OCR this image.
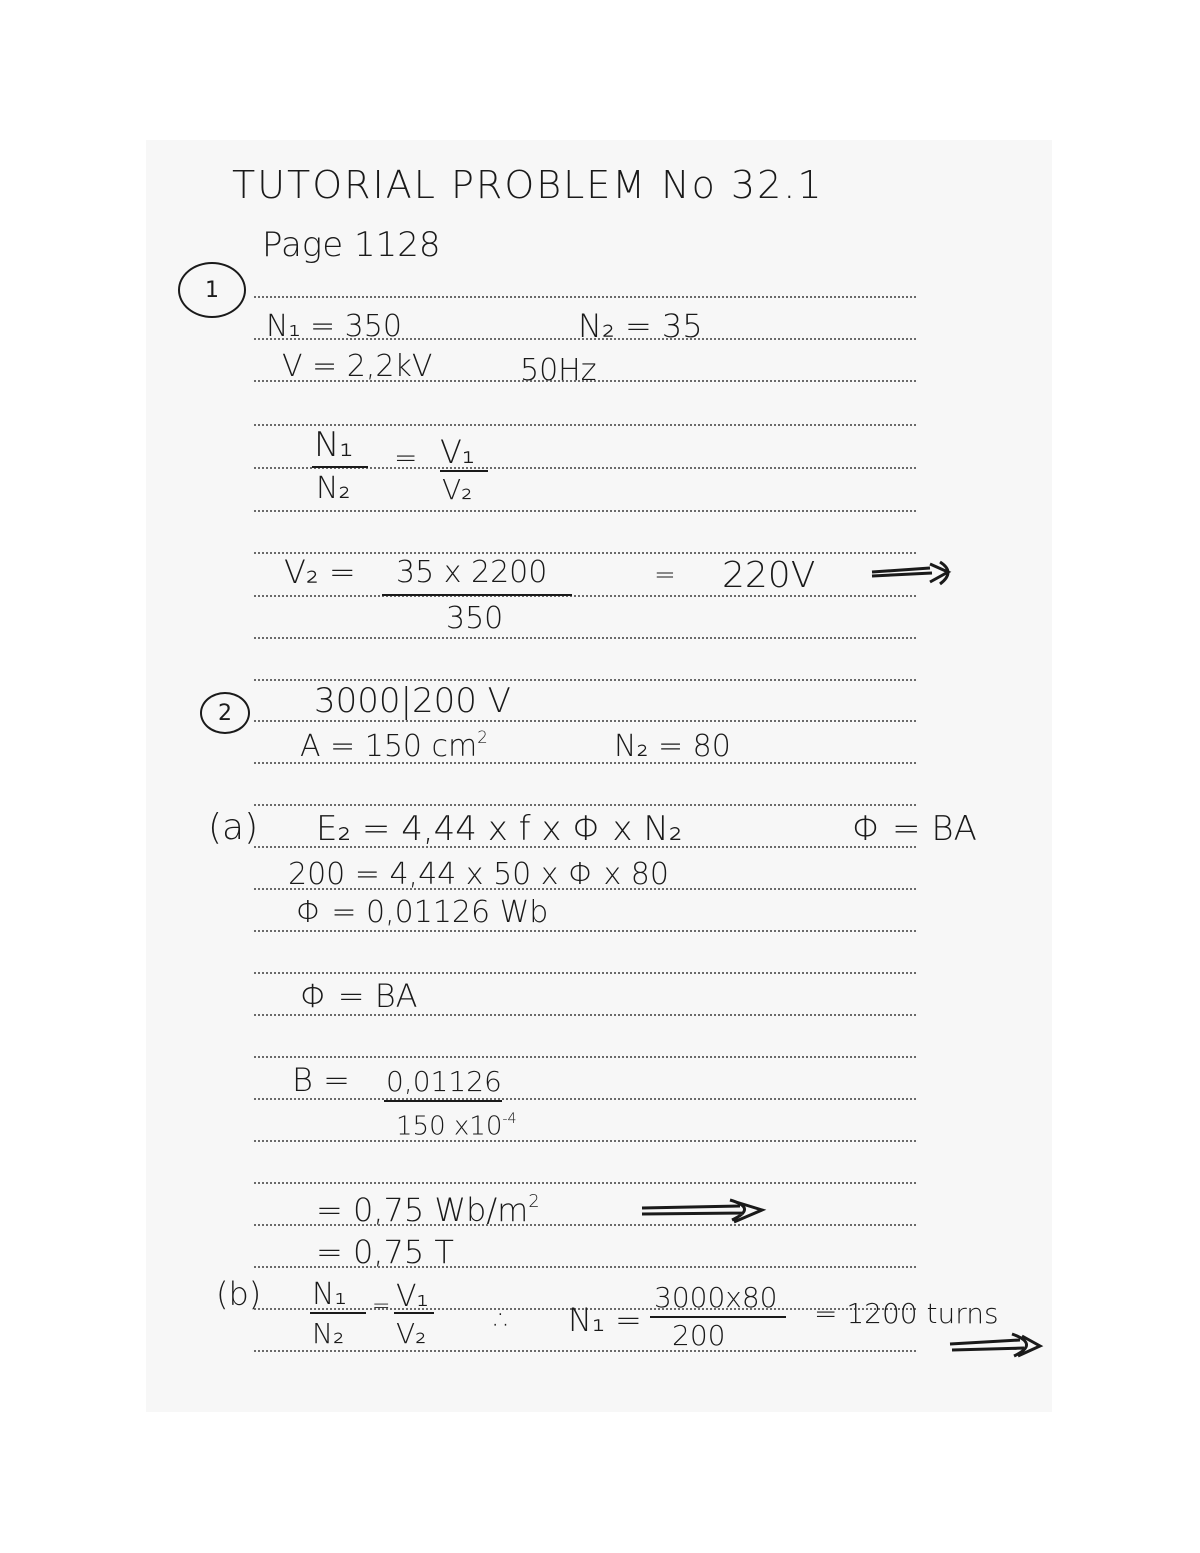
TUTORIAL PROBLEM No 32.1
Page 1128
1
N₁ = 350	N₂ = 35
V = 2,2kV	50Hz
N₁
N₂
= V₁
V₂
V₂ = 35 x 2200
350
= 220V
2 3000|200 V
A = 150 $cm^2$	N₂ = 80
(a) E₂ = 4,44 x f x Φ x N₂	Φ = BA
200 = 4,44 x 50 x Φ x 80
Φ = 0,01126 Wb
Φ = BA
B = 0,01126
150 $x10^{-4}$
= 0,75 $Wb/m^2$
= 0,75 T
(b) N₁
N₂
= V₁
V₂ ∴ N₁ =
3000x80
200
= 1200 turns
